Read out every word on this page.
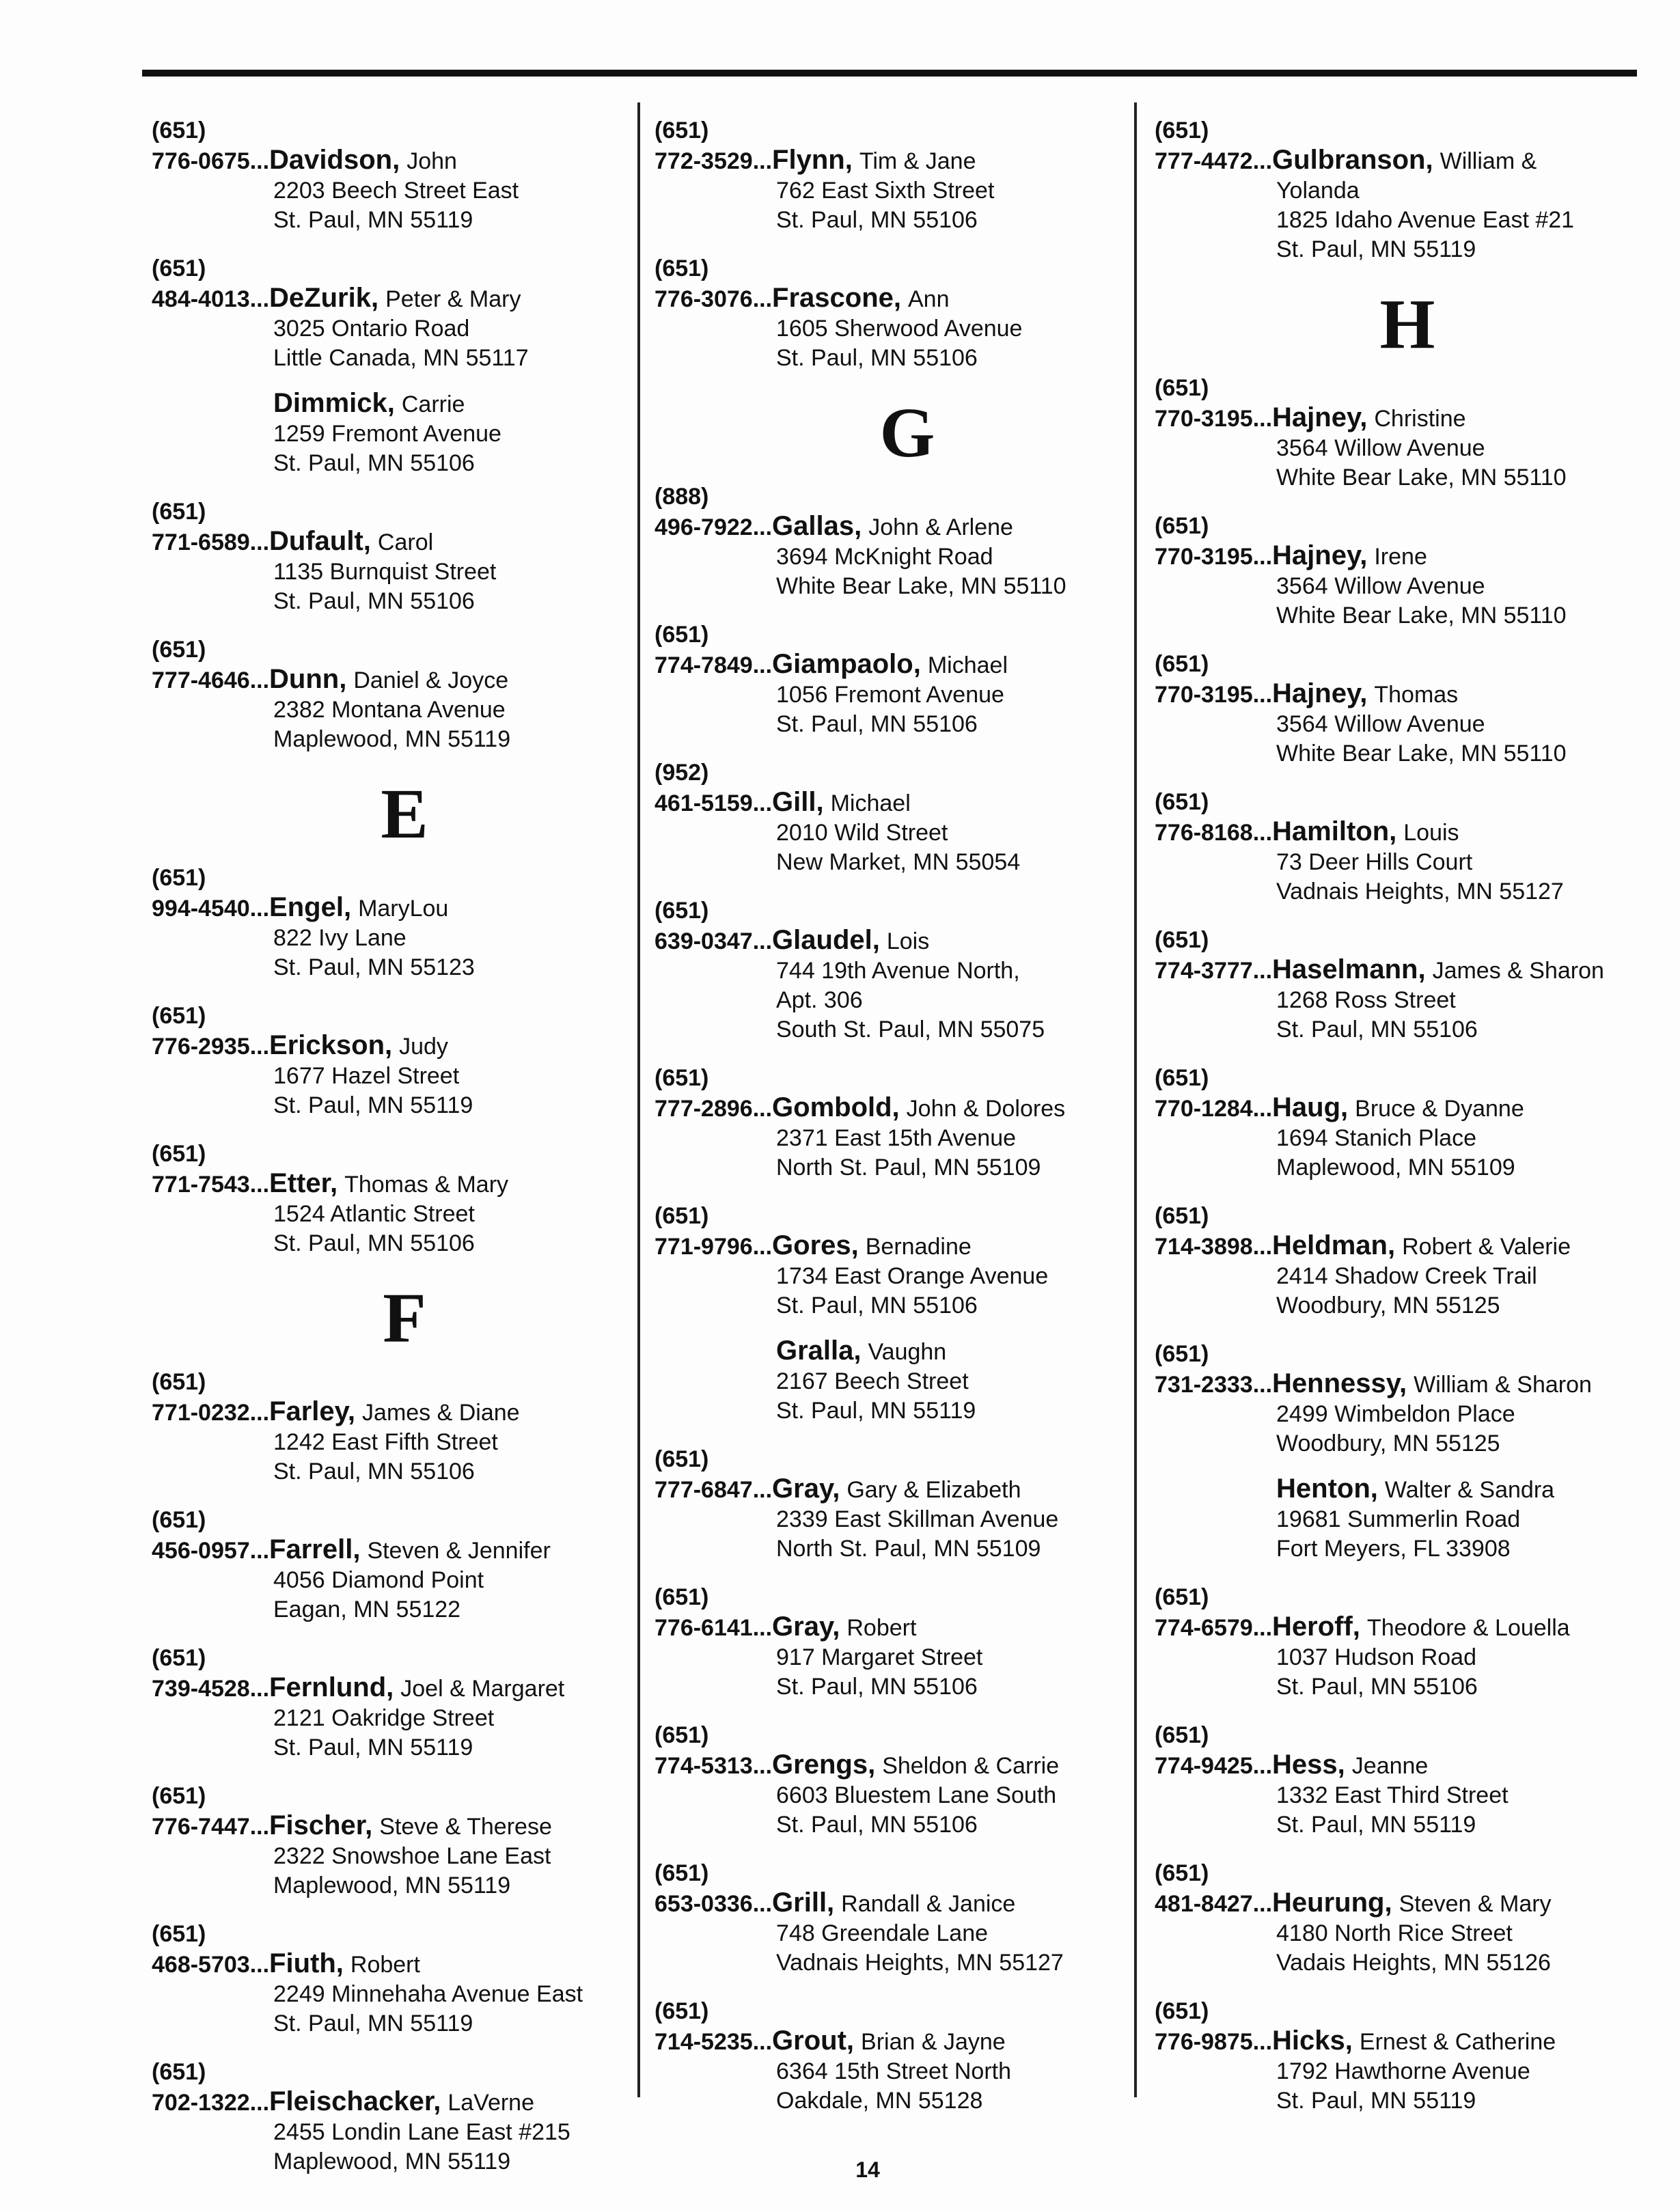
(651)
776-0675 ... Davidson, John
2203 Beech Street East
St. Paul, MN 55119
(651)
484-4013 ... DeZurik, Peter & Mary
3025 Ontario Road
Little Canada, MN 55117
Dimmick, Carrie
1259 Fremont Avenue
St. Paul, MN 55106
(651)
771-6589 ... Dufault, Carol
1135 Burnquist Street
St. Paul, MN 55106
(651)
777-4646 ... Dunn, Daniel & Joyce
2382 Montana Avenue
Maplewood, MN 55119
E
(651)
994-4540 ... Engel, MaryLou
822 Ivy Lane
St. Paul, MN 55123
(651)
776-2935 ... Erickson, Judy
1677 Hazel Street
St. Paul, MN 55119
(651)
771-7543 ... Etter, Thomas & Mary
1524 Atlantic Street
St. Paul, MN 55106
F
(651)
771-0232 ... Farley, James & Diane
1242 East Fifth Street
St. Paul, MN 55106
(651)
456-0957 ... Farrell, Steven & Jennifer
4056 Diamond Point
Eagan, MN 55122
(651)
739-4528 ... Fernlund, Joel & Margaret
2121 Oakridge Street
St. Paul, MN 55119
(651)
776-7447 ... Fischer, Steve & Therese
2322 Snowshoe Lane East
Maplewood, MN 55119
(651)
468-5703 ... Fiuth, Robert
2249 Minnehaha Avenue East
St. Paul, MN 55119
(651)
702-1322 ... Fleischacker, LaVerne
2455 Londin Lane East #215
Maplewood, MN 55119
(651)
772-3529 ... Flynn, Tim & Jane
762 East Sixth Street
St. Paul, MN 55106
(651)
776-3076 ... Frascone, Ann
1605 Sherwood Avenue
St. Paul, MN 55106
G
(888)
496-7922 ... Gallas, John & Arlene
3694 McKnight Road
White Bear Lake, MN 55110
(651)
774-7849 ... Giampaolo, Michael
1056 Fremont Avenue
St. Paul, MN 55106
(952)
461-5159 ... Gill, Michael
2010 Wild Street
New Market, MN 55054
(651)
639-0347 ... Glaudel, Lois
744 19th Avenue North,
Apt. 306
South St. Paul, MN 55075
(651)
777-2896 ... Gombold, John & Dolores
2371 East 15th Avenue
North St. Paul, MN 55109
(651)
771-9796 ... Gores, Bernadine
1734 East Orange Avenue
St. Paul, MN 55106
Gralla, Vaughn
2167 Beech Street
St. Paul, MN 55119
(651)
777-6847 ... Gray, Gary & Elizabeth
2339 East Skillman Avenue
North St. Paul, MN 55109
(651)
776-6141 ... Gray, Robert
917 Margaret Street
St. Paul, MN 55106
(651)
774-5313 ... Grengs, Sheldon & Carrie
6603 Bluestem Lane South
St. Paul, MN 55106
(651)
653-0336 ... Grill, Randall & Janice
748 Greendale Lane
Vadnais Heights, MN 55127
(651)
714-5235 ... Grout, Brian & Jayne
6364 15th Street North
Oakdale, MN 55128
(651)
777-4472 ... Gulbranson, William &
Yolanda
1825 Idaho Avenue East #21
St. Paul, MN 55119
H
(651)
770-3195 ... Hajney, Christine
3564 Willow Avenue
White Bear Lake, MN 55110
(651)
770-3195 ... Hajney, Irene
3564 Willow Avenue
White Bear Lake, MN 55110
(651)
770-3195 ... Hajney, Thomas
3564 Willow Avenue
White Bear Lake, MN 55110
(651)
776-8168 ... Hamilton, Louis
73 Deer Hills Court
Vadnais Heights, MN 55127
(651)
774-3777 ... Haselmann, James & Sharon
1268 Ross Street
St. Paul, MN 55106
(651)
770-1284 ... Haug, Bruce & Dyanne
1694 Stanich Place
Maplewood, MN 55109
(651)
714-3898 ... Heldman, Robert & Valerie
2414 Shadow Creek Trail
Woodbury, MN 55125
(651)
731-2333 ... Hennessy, William & Sharon
2499 Wimbeldon Place
Woodbury, MN 55125
Henton, Walter & Sandra
19681 Summerlin Road
Fort Meyers, FL 33908
(651)
774-6579 ... Heroff, Theodore & Louella
1037 Hudson Road
St. Paul, MN 55106
(651)
774-9425 ... Hess, Jeanne
1332 East Third Street
St. Paul, MN 55119
(651)
481-8427 ... Heurung, Steven & Mary
4180 North Rice Street
Vadais Heights, MN 55126
(651)
776-9875 ... Hicks, Ernest & Catherine
1792 Hawthorne Avenue
St. Paul, MN 55119
14
